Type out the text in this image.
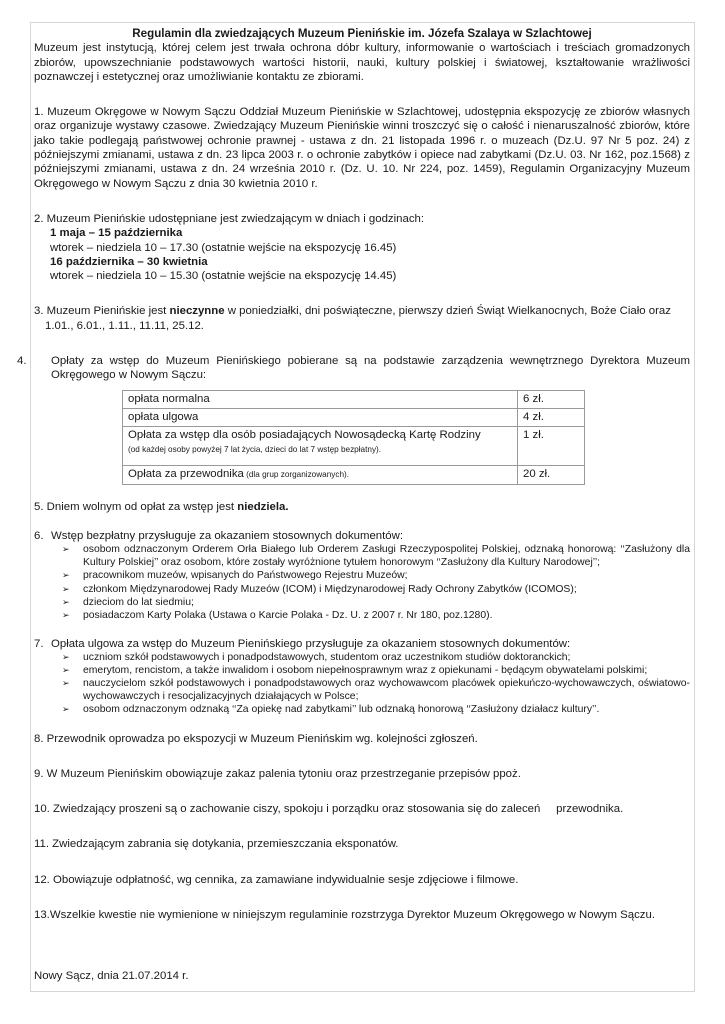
Regulamin dla zwiedzających Muzeum Pienińskie im. Józefa Szalaya w Szlachtowej

Muzeum jest instytucją, której celem jest trwała ochrona dóbr kultury, informowanie o wartościach i treściach gromadzonych zbiorów, upowszechnianie podstawowych wartości historii, nauki, kultury polskiej i światowej, kształtowanie wrażliwości poznawczej i estetycznej oraz umożliwianie kontaktu ze zbiorami.

1. Muzeum Okręgowe w Nowym Sączu Oddział Muzeum Pienińskie w Szlachtowej, udostępnia ekspozycję ze zbiorów własnych oraz organizuje wystawy czasowe. Zwiedzający Muzeum Pienińskie winni troszczyć się o całość i nienaruszalność zbiorów, które jako takie podlegają państwowej ochronie prawnej - ustawa z dn. 21 listopada 1996 r. o muzeach (Dz.U. 97 Nr 5 poz. 24) z późniejszymi zmianami, ustawa z dn. 23 lipca 2003 r. o ochronie zabytków i opiece nad zabytkami (Dz.U. 03. Nr 162, poz.1568) z późniejszymi zmianami, ustawa z dn. 24 września 2010 r. (Dz. U. 10. Nr 224, poz. 1459), Regulamin Organizacyjny Muzeum Okręgowego w Nowym Sączu z dnia 30 kwietnia 2010 r.

2. Muzeum Pienińskie udostępniane jest zwiedzającym w dniach i godzinach:

1 maja – 15 października

wtorek – niedziela 10 – 17.30 (ostatnie wejście na ekspozycję 16.45)

16 października – 30 kwietnia

wtorek – niedziela 10 – 15.30 (ostatnie wejście na ekspozycję 14.45)

3. Muzeum Pienińskie jest nieczynne w poniedziałki, dni poświąteczne, pierwszy dzień Świąt Wielkanocnych, Boże Ciało oraz 1.01., 6.01., 1.11., 11.11, 25.12.

4. Opłaty za wstęp do Muzeum Pienińskiego pobierane są na podstawie zarządzenia wewnętrznego Dyrektora Muzeum Okręgowego w Nowym Sączu:

opłata normalna	6 zł.
opłata ulgowa	4 zł.
Opłata za wstęp dla osób posiadających Nowosądecką Kartę Rodziny
(od każdej osoby powyżej 7 lat życia, dzieci do lat 7 wstęp bezpłatny).	1 zł.
Opłata za przewodnika (dla grup zorganizowanych).	20 zł.

5. Dniem wolnym od opłat za wstęp jest niedziela.

6. Wstęp bezpłatny przysługuje za okazaniem stosownych dokumentów:

➢ osobom odznaczonym Orderem Orła Białego lub Orderem Zasługi Rzeczypospolitej Polskiej, odznaką honorową: ‘‘Zasłużony dla Kultury Polskiej’’ oraz osobom, które zostały wyróżnione tytułem honorowym ‘‘Zasłużony dla Kultury Narodowej’’;
➢ pracownikom muzeów, wpisanych do Państwowego Rejestru Muzeów;
➢ członkom Międzynarodowej Rady Muzeów (ICOM) i Międzynarodowej Rady Ochrony Zabytków (ICOMOS);
➢ dzieciom do lat siedmiu;
➢ posiadaczom Karty Polaka (Ustawa o Karcie Polaka - Dz. U. z 2007 r. Nr 180, poz.1280).

7. Opłata ulgowa za wstęp do Muzeum Pienińskiego przysługuje za okazaniem stosownych dokumentów:

➢ uczniom szkół podstawowych i ponadpodstawowych, studentom oraz uczestnikom studiów doktoranckich;
➢ emerytom, rencistom, a także inwalidom i osobom niepełnosprawnym wraz z opiekunami - będącym obywatelami polskimi;
➢ nauczycielom szkół podstawowych i ponadpodstawowych oraz wychowawcom placówek opiekuńczo-wychowawczych, oświatowo-wychowawczych i resocjalizacyjnych działających w Polsce;
➢ osobom odznaczonym odznaką ‘‘Za opiekę nad zabytkami’’ lub odznaką honorową ‘‘Zasłużony działacz kultury’’.

8. Przewodnik oprowadza po ekspozycji w Muzeum Pienińskim wg. kolejności zgłoszeń.

9. W Muzeum Pienińskim obowiązuje zakaz palenia tytoniu oraz przestrzeganie przepisów ppoż.

10. Zwiedzający proszeni są o zachowanie ciszy, spokoju i porządku oraz stosowania się do zaleceń     przewodnika.

11. Zwiedzającym zabrania się dotykania, przemieszczania eksponatów.

12. Obowiązuje odpłatność, wg cennika, za zamawiane indywidualnie sesje zdjęciowe i filmowe.

13.Wszelkie kwestie nie wymienione w niniejszym regulaminie rozstrzyga Dyrektor Muzeum Okręgowego w Nowym Sączu.

Nowy Sącz, dnia 21.07.2014 r.
